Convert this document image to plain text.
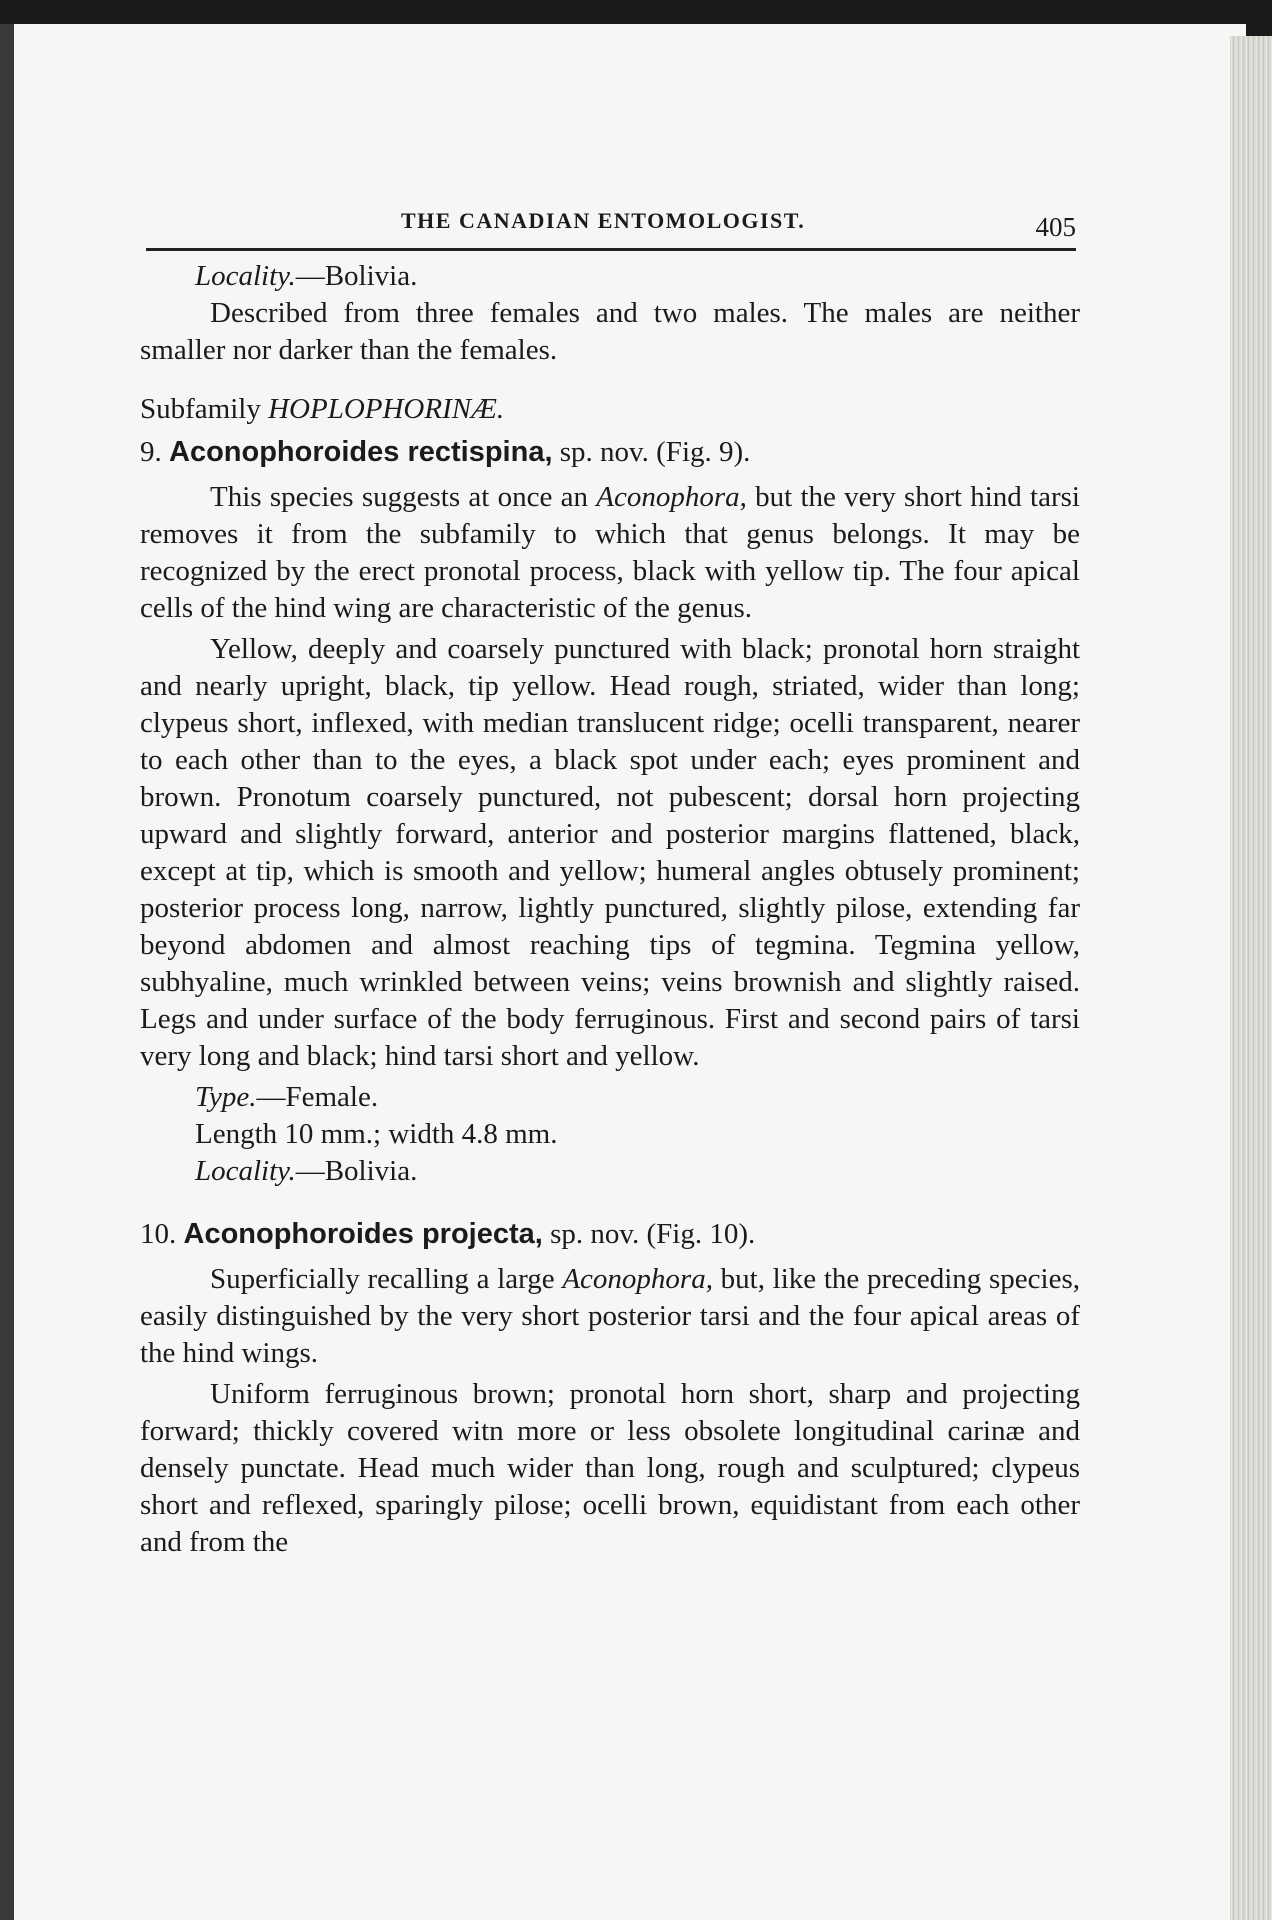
THE CANADIAN ENTOMOLOGIST.	405

Locality.—Bolivia.

Described from three females and two males. The males are neither smaller nor darker than the females.

Subfamily HOPLOPHORINÆ.

9. Aconophoroides rectispina, sp. nov. (Fig. 9).

This species suggests at once an Aconophora, but the very short hind tarsi removes it from the subfamily to which that genus belongs. It may be recognized by the erect pronotal process, black with yellow tip. The four apical cells of the hind wing are characteristic of the genus.

Yellow, deeply and coarsely punctured with black; pronotal horn straight and nearly upright, black, tip yellow. Head rough, striated, wider than long; clypeus short, inflexed, with median translucent ridge; ocelli transparent, nearer to each other than to the eyes, a black spot under each; eyes prominent and brown. Pronotum coarsely punctured, not pubescent; dorsal horn projecting upward and slightly forward, anterior and posterior margins flattened, black, except at tip, which is smooth and yellow; humeral angles obtusely prominent; posterior process long, narrow, lightly punctured, slightly pilose, extending far beyond abdomen and almost reaching tips of tegmina. Tegmina yellow, subhyaline, much wrinkled between veins; veins brownish and slightly raised. Legs and under surface of the body ferruginous. First and second pairs of tarsi very long and black; hind tarsi short and yellow.

Type.—Female.

Length 10 mm.; width 4.8 mm.

Locality.—Bolivia.

10. Aconophoroides projecta, sp. nov. (Fig. 10).

Superficially recalling a large Aconophora, but, like the preceding species, easily distinguished by the very short posterior tarsi and the four apical areas of the hind wings.

Uniform ferruginous brown; pronotal horn short, sharp and projecting forward; thickly covered witn more or less obsolete longitudinal carinæ and densely punctate. Head much wider than long, rough and sculptured; clypeus short and reflexed, sparingly pilose; ocelli brown, equidistant from each other and from the
